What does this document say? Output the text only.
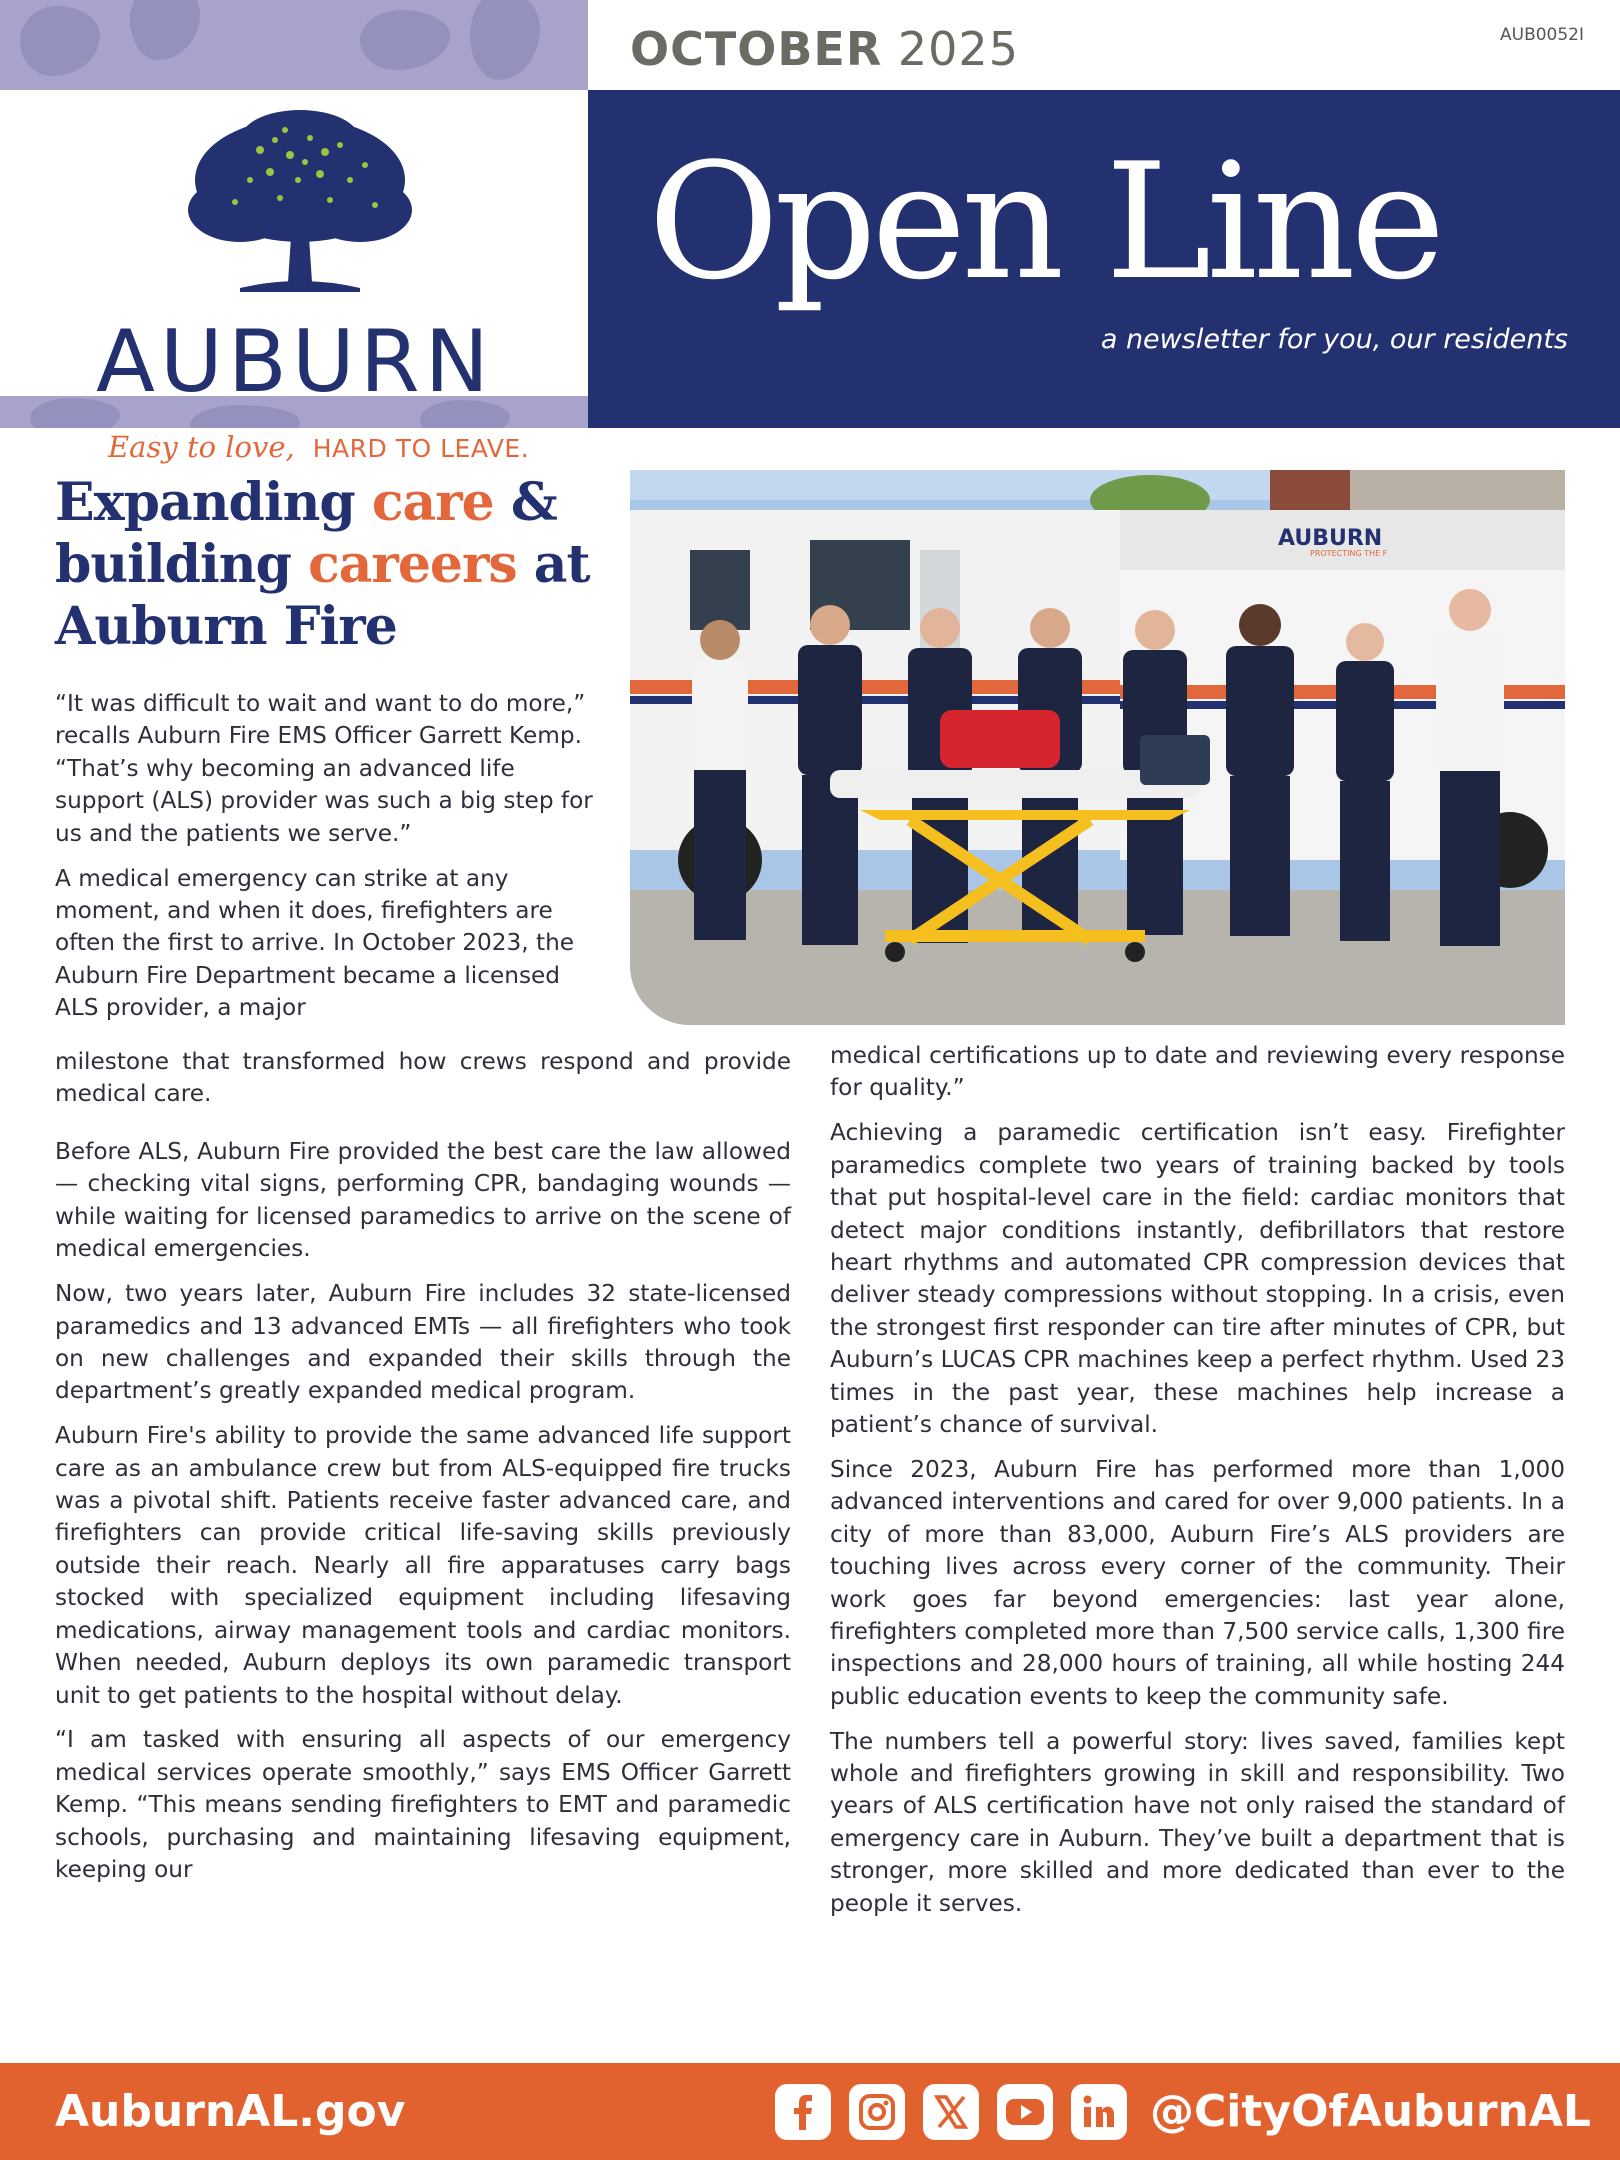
AUBURN
Easy to love, HARD TO LEAVE.
OCTOBER 2025	AUB0052I
Open Line
a newsletter for you, our residents
Expanding care &
building careers at
Auburn Fire
AUBURN
PROTECTING THE F

“It was difficult to wait and want to do more,” recalls Auburn Fire EMS Officer Garrett Kemp. “That’s why becoming an advanced life support (ALS) provider was such a big step for us and the patients we serve.”

A medical emergency can strike at any moment, and when it does, firefighters are often the first to arrive. In October 2023, the Auburn Fire Department became a licensed ALS provider, a major

milestone that transformed how crews respond and provide medical care.

Before ALS, Auburn Fire provided the best care the law allowed — checking vital signs, performing CPR, bandaging wounds — while waiting for licensed paramedics to arrive on the scene of medical emergencies.

Now, two years later, Auburn Fire includes 32 state-licensed paramedics and 13 advanced EMTs — all firefighters who took on new challenges and expanded their skills through the department’s greatly expanded medical program.

Auburn Fire's ability to provide the same advanced life support care as an ambulance crew but from ALS-equipped fire trucks was a pivotal shift. Patients receive faster advanced care, and firefighters can provide critical life-saving skills previously outside their reach. Nearly all fire apparatuses carry bags stocked with specialized equipment including lifesaving medications, airway management tools and cardiac monitors. When needed, Auburn deploys its own paramedic transport unit to get patients to the hospital without delay.

“I am tasked with ensuring all aspects of our emergency medical services operate smoothly,” says EMS Officer Garrett Kemp. “This means sending firefighters to EMT and paramedic schools, purchasing and maintaining lifesaving equipment, keeping our

medical certifications up to date and reviewing every response for quality.”

Achieving a paramedic certification isn’t easy. Firefighter paramedics complete two years of training backed by tools that put hospital-level care in the field: cardiac monitors that detect major conditions instantly, defibrillators that restore heart rhythms and automated CPR compression devices that deliver steady compressions without stopping. In a crisis, even the strongest first responder can tire after minutes of CPR, but Auburn’s LUCAS CPR machines keep a perfect rhythm. Used 23 times in the past year, these machines help increase a patient’s chance of survival.

Since 2023, Auburn Fire has performed more than 1,000 advanced interventions and cared for over 9,000 patients. In a city of more than 83,000, Auburn Fire’s ALS providers are touching lives across every corner of the community. Their work goes far beyond emergencies: last year alone, firefighters completed more than 7,500 service calls, 1,300 fire inspections and 28,000 hours of training, all while hosting 244 public education events to keep the community safe.

The numbers tell a powerful story: lives saved, families kept whole and firefighters growing in skill and responsibility. Two years of ALS certification have not only raised the standard of emergency care in Auburn. They’ve built a department that is stronger, more skilled and more dedicated than ever to the people it serves.

AuburnAL.gov	@CityOfAuburnAL
